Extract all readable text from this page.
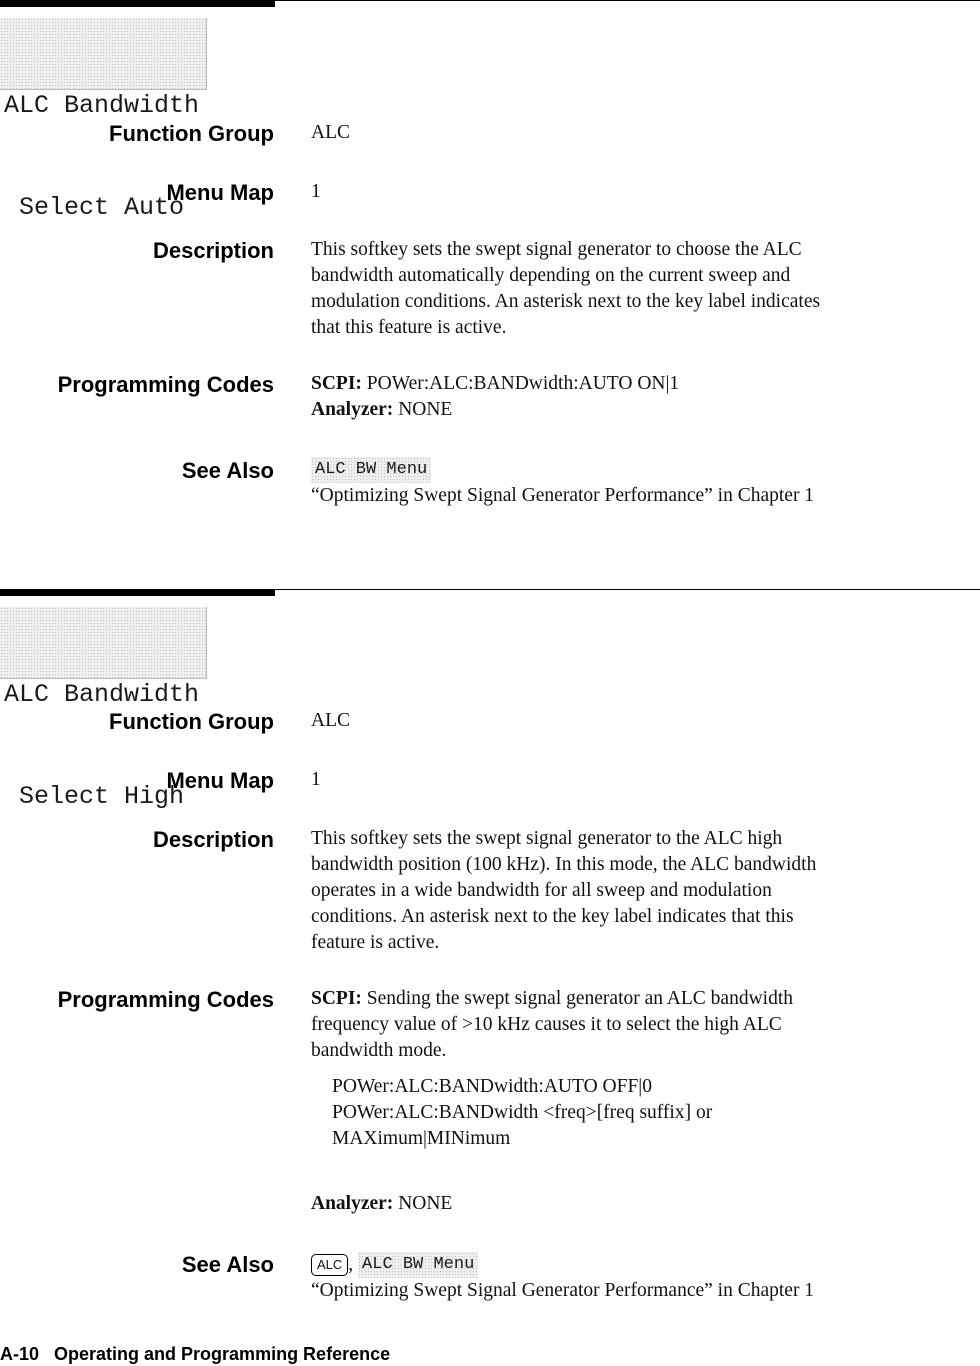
ALC Bandwidth

Select Auto

Function Group ALC
Menu Map 1
Description This softkey sets the swept signal generator to choose the ALC

bandwidth automatically depending on the current sweep and

modulation conditions. An asterisk next to the key label indicates

that this feature is active.

Programming Codes SCPI: POWer:ALC:BANDwidth:AUTO ON|1

Analyzer: NONE

See Also ALC BW Menu

“Optimizing Swept Signal Generator Performance” in Chapter 1

ALC Bandwidth

Select High

Function Group ALC
Menu Map 1
Description This softkey sets the swept signal generator to the ALC high

bandwidth position (100 kHz). In this mode, the ALC bandwidth

operates in a wide bandwidth for all sweep and modulation

conditions. An asterisk next to the key label indicates that this

feature is active.

Programming Codes SCPI: Sending the swept signal generator an ALC bandwidth

frequency value of >10 kHz causes it to select the high ALC

bandwidth mode.

POWer:ALC:BANDwidth:AUTO OFF|0

POWer:ALC:BANDwidth <freq>[freq suffix] or

MAXimum|MINimum

Analyzer: NONE

See Also	ALC , ALC BW Menu

“Optimizing Swept Signal Generator Performance” in Chapter 1

A-10 Operating and Programming Reference
